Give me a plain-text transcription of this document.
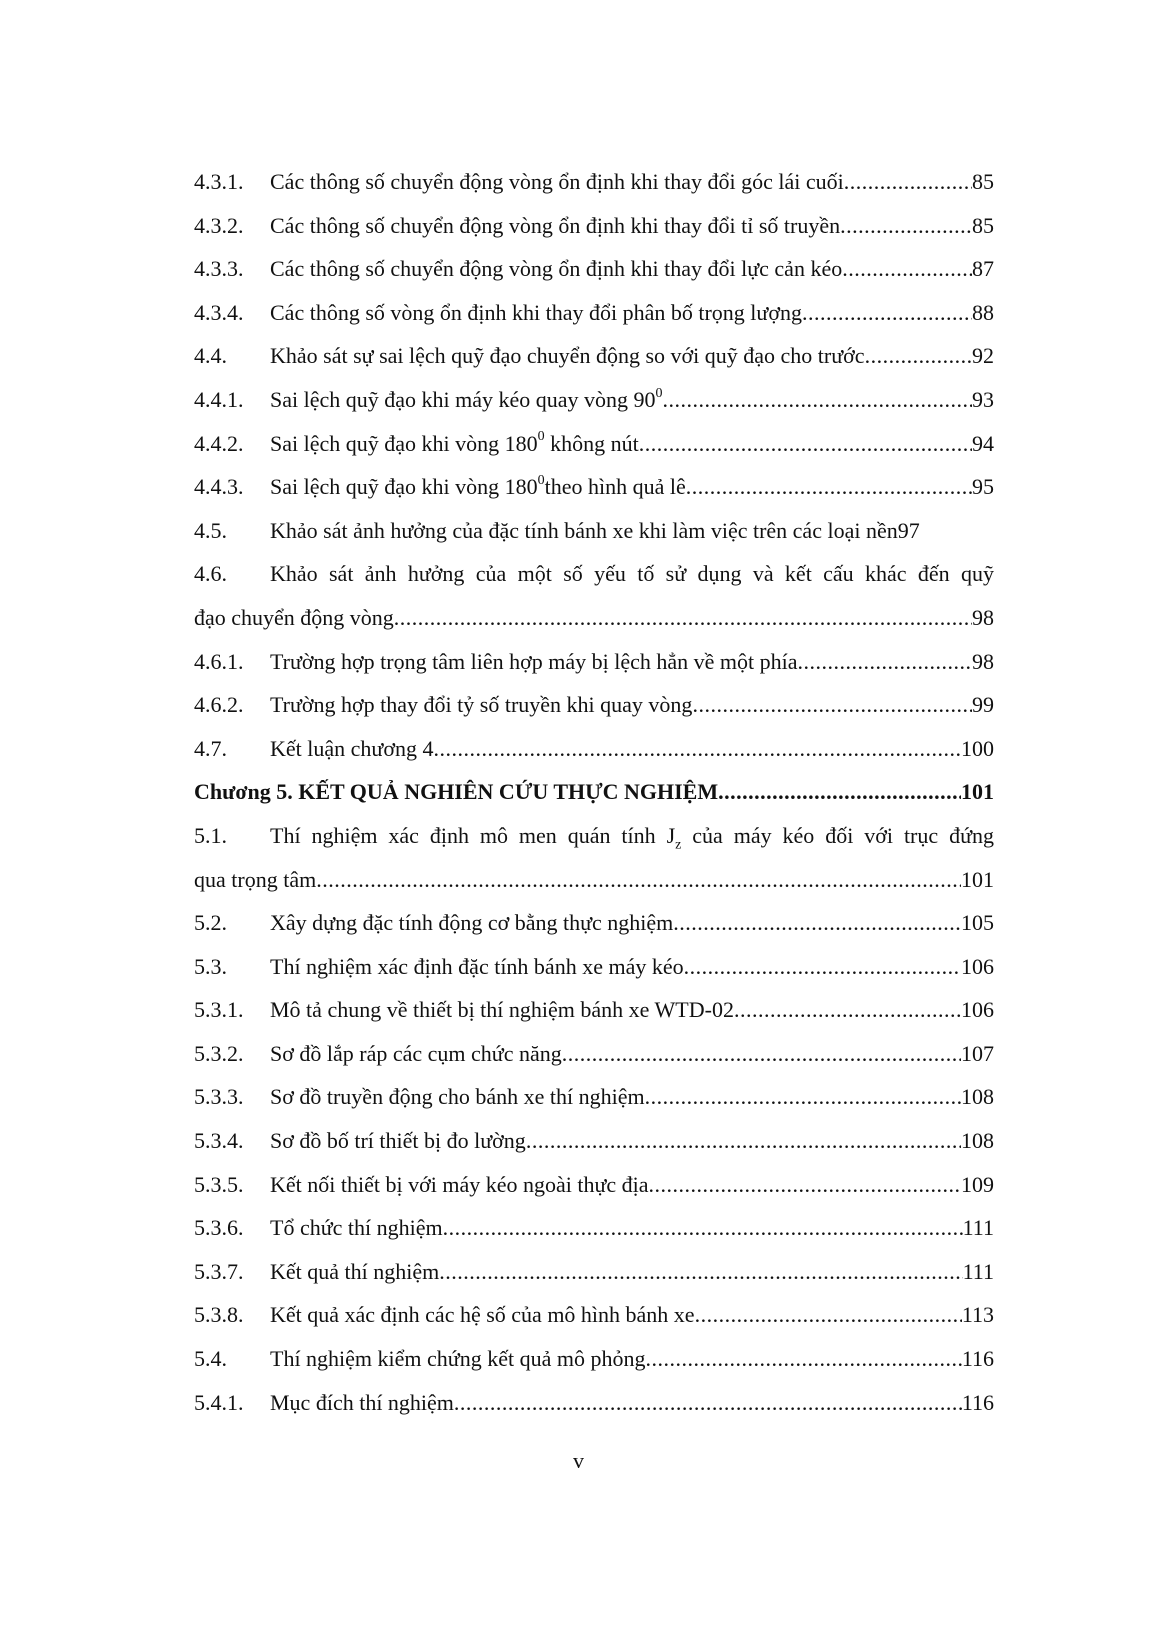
4.3.1. Các thông số chuyển động vòng ổn định khi thay đổi góc lái cuối .....	85
4.3.2. Các thông số chuyển động vòng ổn định khi thay đổi tỉ số truyền .....	85
4.3.3. Các thông số chuyển động vòng ổn định khi thay đổi lực cản kéo .....	87
4.3.4. Các thông số vòng ổn định khi thay đổi phân bố trọng lượng .....	88
4.4. Khảo sát sự sai lệch quỹ đạo chuyển động so với quỹ đạo cho trước .....	92
4.4.1. Sai lệch quỹ đạo khi máy kéo quay vòng $90^0$ .....	93
4.4.2. Sai lệch quỹ đạo khi vòng $180^0$ không nút .....	94
4.4.3. Sai lệch quỹ đạo khi vòng $180^0theo$ hình quả lê .....	95
4.5. Khảo sát ảnh hưởng của đặc tính bánh xe khi làm việc trên các loại nền 97
4.6. Khảo sát ảnh hưởng của một số yếu tố sử dụng và kết cấu khác đến quỹ
đạo chuyển động vòng .....	98
4.6.1. Trường hợp trọng tâm liên hợp máy bị lệch hẳn về một phía .....	98
4.6.2. Trường hợp thay đổi tỷ số truyền khi quay vòng .....	99
4.7. Kết luận chương 4 .....	100
Chương 5. KẾT QUẢ NGHIÊN CỨU THỰC NGHIỆM .....	101
5.1. Thí nghiệm xác định mô men quán tính $J_z$ của máy kéo đối với trục đứng
qua trọng tâm .....	101
5.2. Xây dựng đặc tính động cơ bằng thực nghiệm .....	105
5.3. Thí nghiệm xác định đặc tính bánh xe máy kéo .....	106
5.3.1. Mô tả chung về thiết bị thí nghiệm bánh xe WTD-02 .....	106
5.3.2. Sơ đồ lắp ráp các cụm chức năng .....	107
5.3.3. Sơ đồ truyền động cho bánh xe thí nghiệm .....	108
5.3.4. Sơ đồ bố trí thiết bị đo lường .....	108
5.3.5. Kết nối thiết bị với máy kéo ngoài thực địa .....	109
5.3.6. Tổ chức thí nghiệm .....	111
5.3.7. Kết quả thí nghiệm .....	111
5.3.8. Kết quả xác định các hệ số của mô hình bánh xe .....	113
5.4. Thí nghiệm kiểm chứng kết quả mô phỏng .....	116
5.4.1. Mục đích thí nghiệm .....	116
v
